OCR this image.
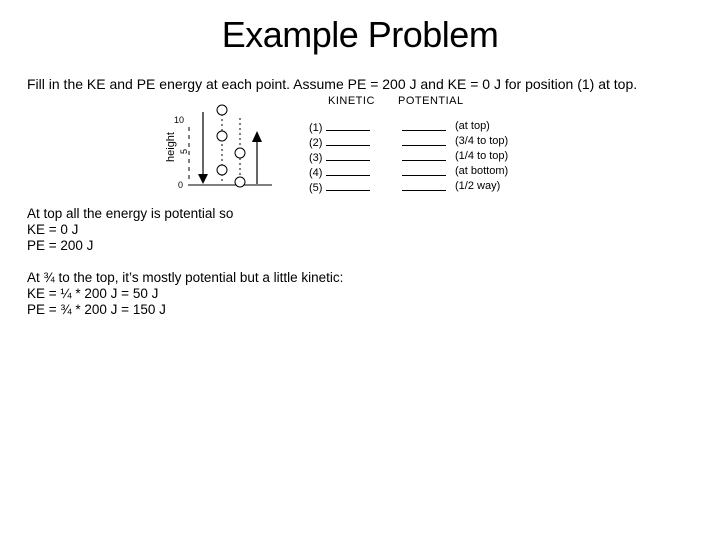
Example Problem
Fill in the KE and PE energy at each point. Assume PE = 200 J and KE = 0 J for position (1) at top.
height
10
5
0
KINETIC POTENTIAL
(1)
(2)
(3)
(4)
(5)
(at top)
(3/4 to top)
(1/4 to top)
(at bottom)
(1/2 way)
At top all the energy is potential so
KE = 0 J
PE = 200 J
At ¾ to the top, it’s mostly potential but a little kinetic:
KE = ¼ * 200 J = 50 J
PE = ¾ * 200 J = 150 J
